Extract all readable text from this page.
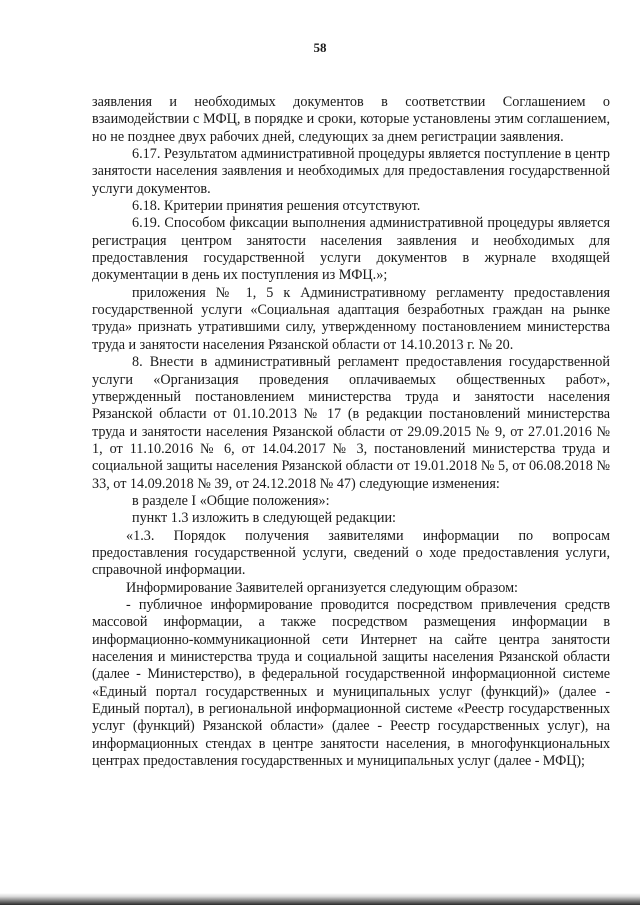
58

заявления и необходимых документов в соответствии Соглашением о взаимодействии с МФЦ, в порядке и сроки, которые установлены этим соглашением, но не позднее двух рабочих дней, следующих за днем регистрации заявления.

6.17. Результатом административной процедуры является поступление в центр занятости населения заявления и необходимых для предоставления государственной услуги документов.

6.18. Критерии принятия решения отсутствуют.

6.19. Способом фиксации выполнения административной процедуры является регистрация центром занятости населения заявления и необходимых для предоставления государственной услуги документов в журнале входящей документации в день их поступления из МФЦ.»;

приложения № 1, 5 к Административному регламенту предоставления государственной услуги «Социальная адаптация безработных граждан на рынке труда» признать утратившими силу, утвержденному постановлением министерства труда и занятости населения Рязанской области от 14.10.2013 г. № 20.

8. Внести в административный регламент предоставления государственной услуги «Организация проведения оплачиваемых общественных работ», утвержденный постановлением министерства труда и занятости населения Рязанской области от 01.10.2013 № 17 (в редакции постановлений министерства труда и занятости населения Рязанской области от 29.09.2015 № 9, от 27.01.2016 № 1, от 11.10.2016 № 6, от 14.04.2017 № 3, постановлений министерства труда и социальной защиты населения Рязанской области от 19.01.2018 № 5, от 06.08.2018 № 33, от 14.09.2018 № 39, от 24.12.2018 № 47) следующие изменения:

в разделе I «Общие положения»:

пункт 1.3 изложить в следующей редакции:

«1.3. Порядок получения заявителями информации по вопросам предоставления государственной услуги, сведений о ходе предоставления услуги, справочной информации.

Информирование Заявителей организуется следующим образом:

- публичное информирование проводится посредством привлечения средств массовой информации, а также посредством размещения информации в информационно-коммуникационной сети Интернет на сайте центра занятости населения и министерства труда и социальной защиты населения Рязанской области (далее - Министерство), в федеральной государственной информационной системе «Единый портал государственных и муниципальных услуг (функций)» (далее - Единый портал), в региональной информационной системе «Реестр государственных услуг (функций) Рязанской области» (далее - Реестр государственных услуг), на информационных стендах в центре занятости населения, в многофункциональных центрах предоставления государственных и муниципальных услуг (далее - МФЦ);
